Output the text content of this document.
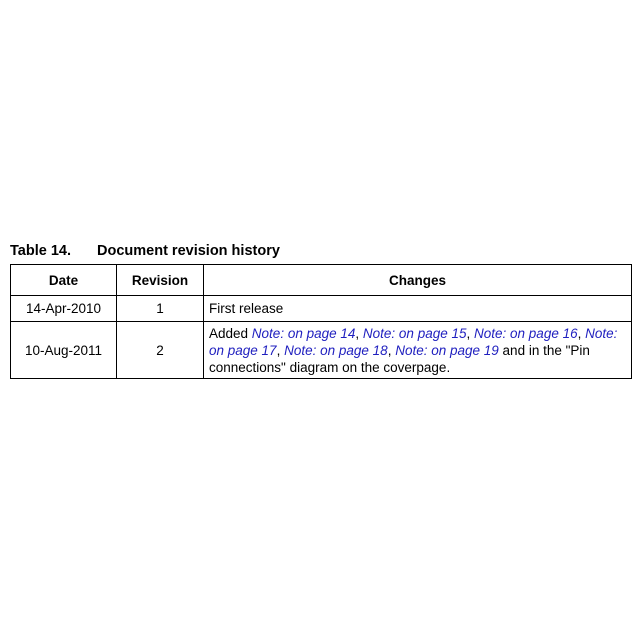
Table 14. Document revision history
Date	Revision	Changes
14-Apr-2010	1	First release
10-Aug-2011	2	Added Note: on page 14, Note: on page 15, Note: on page 16, Note: on page 17, Note: on page 18, Note: on page 19 and in the "Pin connections" diagram on the coverpage.
